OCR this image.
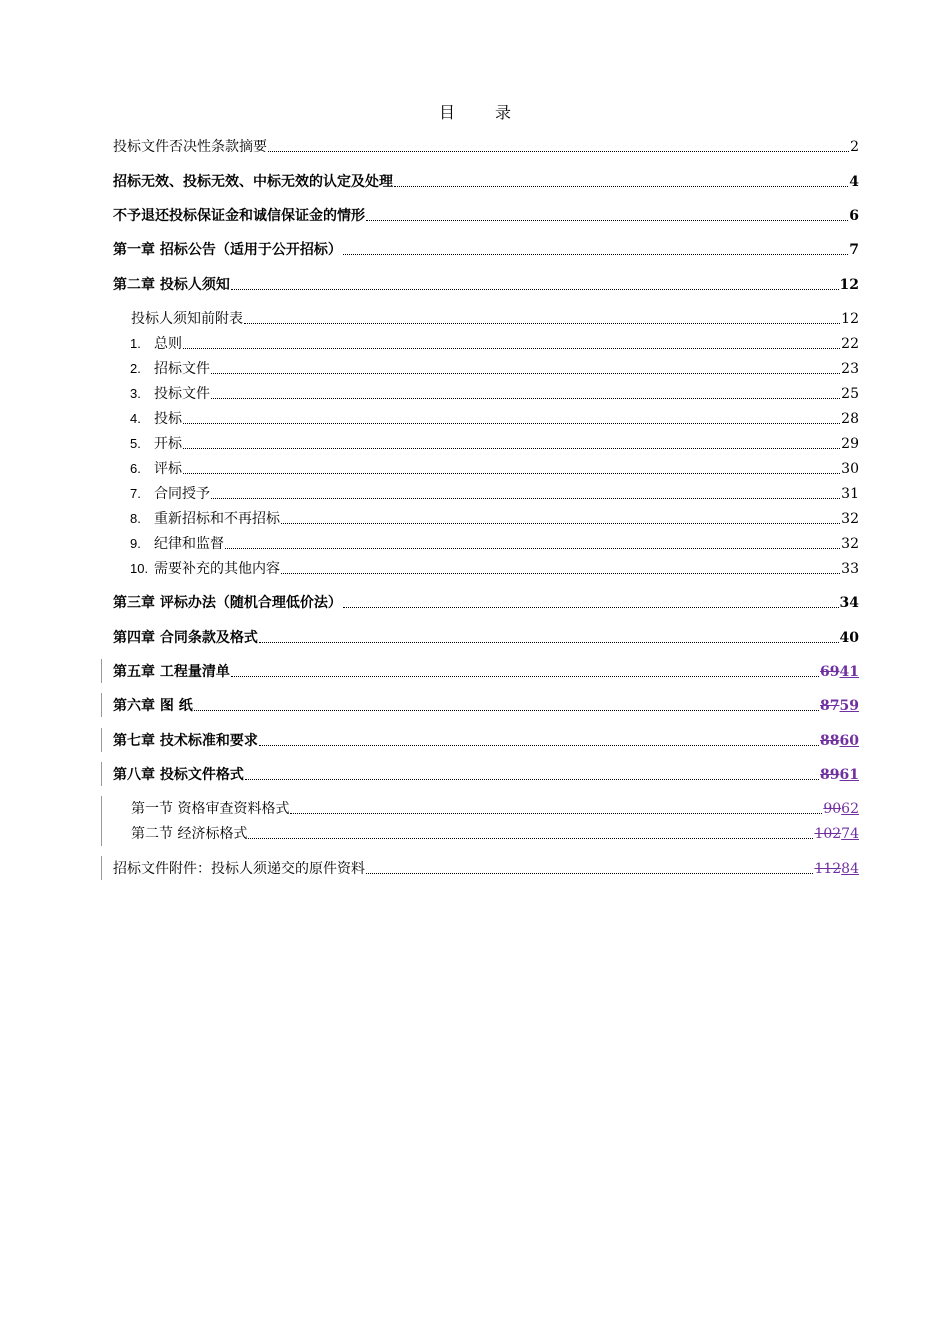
目	录
投标文件否决性条款摘要	2
招标无效、投标无效、中标无效的认定及处理	4
不予退还投标保证金和诚信保证金的情形	6
第一章 招标公告（适用于公开招标）	7
第二章 投标人须知	12
投标人须知前附表	12
1. 总则	22
2. 招标文件	23
3. 投标文件	25
4. 投标	28
5. 开标	29
6. 评标	30
7. 合同授予	31
8. 重新招标和不再招标	32
9. 纪律和监督	32
10. 需要补充的其他内容	33
第三章 评标办法（随机合理低价法）	34
第四章 合同条款及格式	40
第五章 工程量清单	6941
第六章 图 纸	8759
第七章 技术标准和要求	8860
第八章 投标文件格式	8961
第一节 资格审查资料格式	9062
第二节 经济标格式	10274
招标文件附件：投标人须递交的原件资料	11284
